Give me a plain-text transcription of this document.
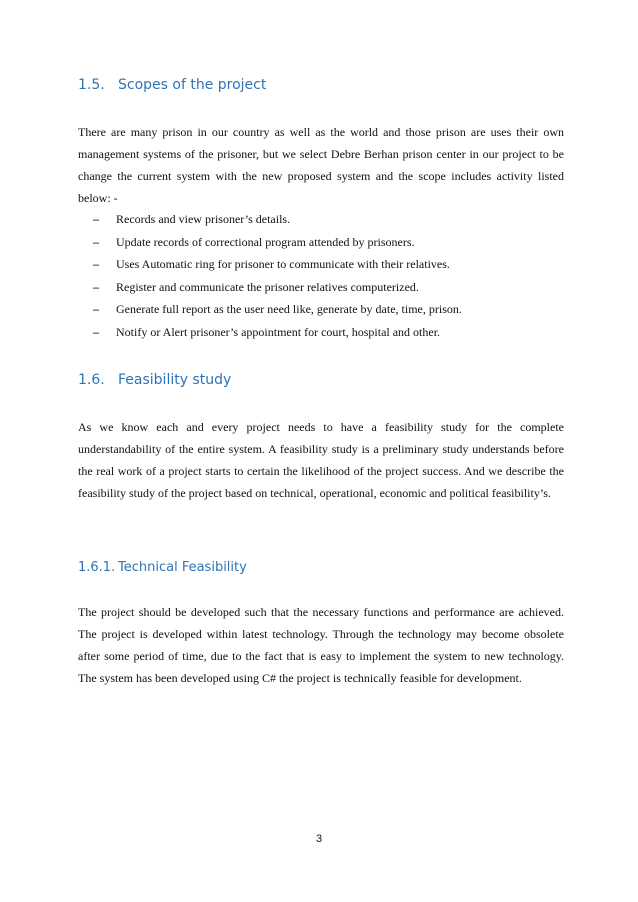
1.5. Scopes of the project

There are many prison in our country as well as the world and those prison are uses their own management systems of the prisoner, but we select Debre Berhan prison center in our project to be change the current system with the new proposed system and the scope includes activity listed below: -

– Records and view prisoner’s details.
– Update records of correctional program attended by prisoners.
– Uses Automatic ring for prisoner to communicate with their relatives.
– Register and communicate the prisoner relatives computerized.
– Generate full report as the user need like, generate by date, time, prison.
– Notify or Alert prisoner’s appointment for court, hospital and other.
1.6. Feasibility study

As we know each and every project needs to have a feasibility study for the complete understandability of the entire system. A feasibility study is a preliminary study understands before the real work of a project starts to certain the likelihood of the project success. And we describe the feasibility study of the project based on technical, operational, economic and political feasibility’s.

1.6.1. Technical Feasibility

The project should be developed such that the necessary functions and performance are achieved. The project is developed within latest technology. Through the technology may become obsolete after some period of time, due to the fact that is easy to implement the system to new technology. The system has been developed using C# the project is technically feasible for development.

3
